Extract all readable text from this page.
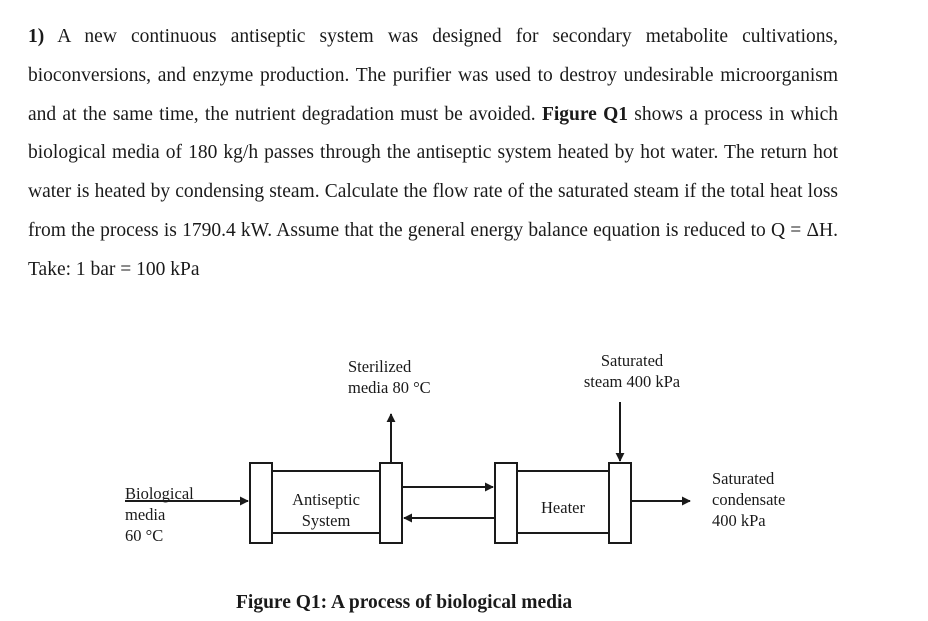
1) A new continuous antiseptic system was designed for secondary metabolite cultivations, bioconversions, and enzyme production. The purifier was used to destroy undesirable microorganism and at the same time, the nutrient degradation must be avoided. Figure Q1 shows a process in which biological media of 180 kg/h passes through the antiseptic system heated by hot water. The return hot water is heated by condensing steam. Calculate the flow rate of the saturated steam if the total heat loss from the process is 1790.4 kW. Assume that the general energy balance equation is reduced to Q = ΔH. Take: 1 bar = 100 kPa
Sterilized
media 80 °C
Saturated
steam 400 kPa
Biological
media
60 °C
Antiseptic
System
Heater
Saturated
condensate
400 kPa
Figure Q1: A process of biological media
